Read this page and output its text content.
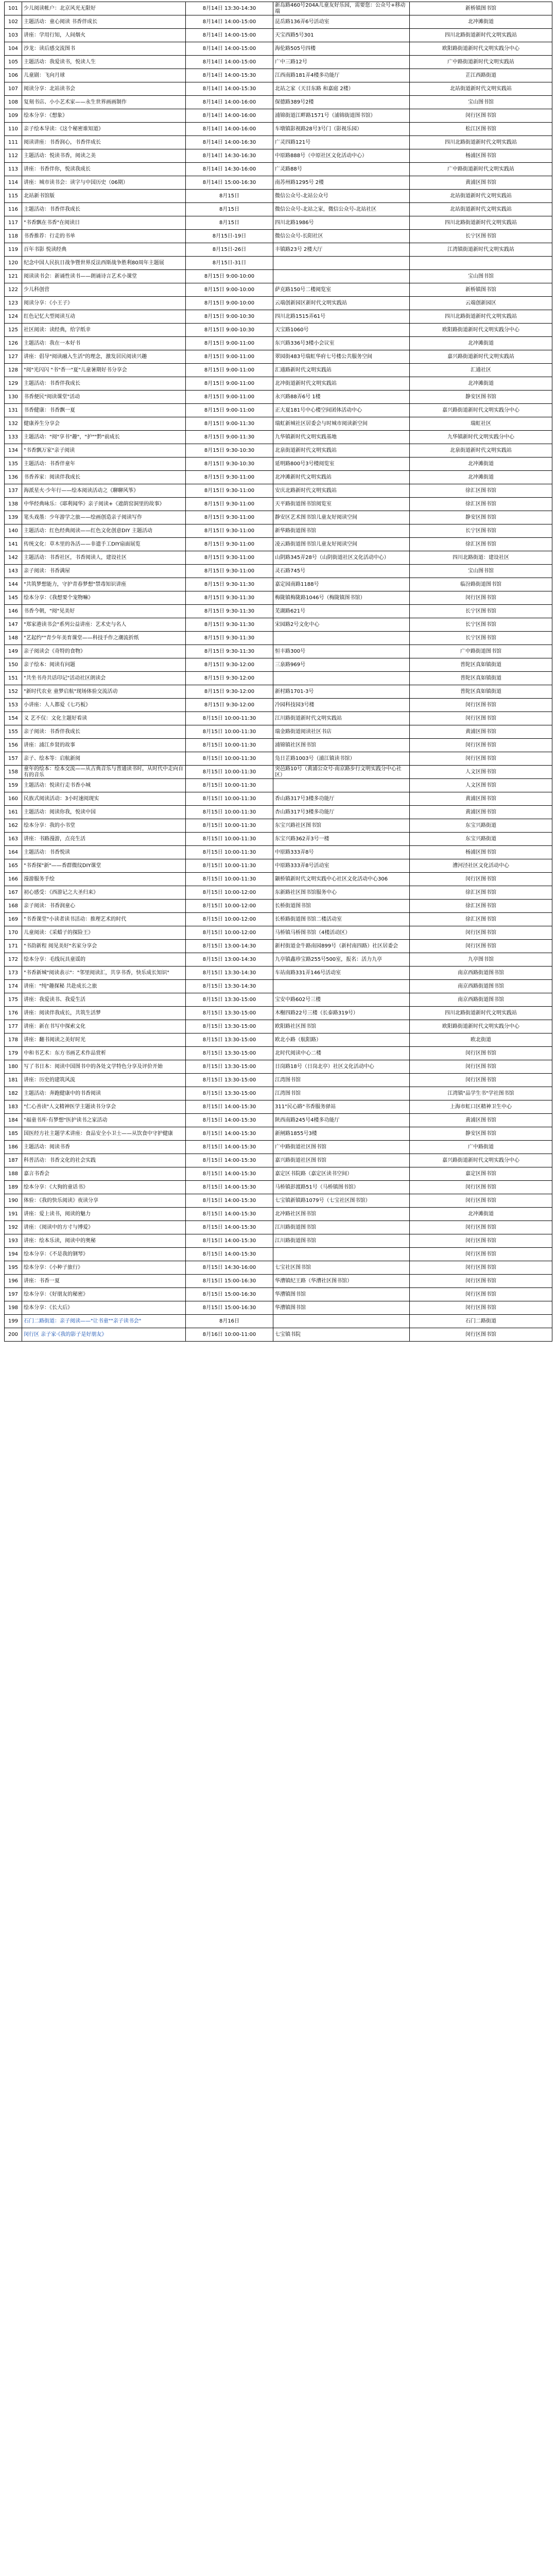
101	少儿阅读帐户：北京风光无限好	8月14日 13:30-14:30	新岛路460号204A儿童友好乐园，需要您：公众号+移动端	新桥镇图书馆
102	主题活动：童心阅读 书香伴成长	8月14日 14:00-15:00	昆岳路136弄6号活动室	北冲滩街道
103	讲座：学用行知，人间烟火	8月14日 14:00-15:00	天宝西路5号301	四川北路街道新时代文明实践站
104	沙龙：读后感交流图书	8月14日 14:00-15:00	海伦路505号四楼	欧阳路街道新时代文明实践分中心
105	主题活动：我爱读书，悦读人生	8月14日 14:00-15:00	广中三路12号	广中路街道新时代文明实践站
106	儿童剧：飞向月球	8月14日 14:00-15:30	江西南路181弄4楼多功能厅	芷江西路街道
107	阅读分享：北站读书会	8月14日 14:00-15:30	北站之家（天目东路 和嘉庭 2楼）	北站街道新时代文明实践站
108	复刻书店、小小艺术家——永生世界画画制作	8月14日 14:00-16:00	保德路389号2楼	宝山图书馆
109	绘本分享：《想象》	8月14日 14:00-16:00	浦锦街道江畔路1571号（浦锦街道图书馆）	闵行区图书馆
110	亲子绘本导读：《这个秘密谁知道》	8月14日 14:00-16:00	车墩镇影视路28号3号门（影视乐园）	松江区图书馆
111	阅读讲座：书香润心，书香伴成长	8月14日 14:00-16:30	广灵四路121号	四川北路街道新时代文明实践站
112	主题活动：悦读书香，阅读之美	8月14日 14:30-16:30	中原路888号（中原社区文化活动中心）	杨浦区图书馆
113	讲座：书香伴你，悦读我成长	8月14日 14:30-16:00	广灵路88号	广中路街道新时代文明实践站
114	讲座：城市读书会：读字与中国历史（06期）	8月14日 15:00-16:30	南苏州路1295号 2楼	黄浦区图书馆
115	北站新书馆版	8月15日	微信公众号-北站公众号	北站街道新时代文明实践站
116	主题活动：书香伴我成长	8月15日	微信公众号-北站之家，微信公众号-北站社区	北站街道新时代文明实践站
117	"书香飘在书香"在阅读日	8月15日	四川北路1986号	四川北路街道新时代文明实践站
118	书香推荐：行走的书单	8月15日-19日	微信公众号-长阳社区	长宁区图书馆
119	百年书影 悦读经典	8月15日-26日	丰镇路23号 2楼大厅	江湾镇街道新时代文明实践站
120	纪念中国人民抗日战争暨世界反法西斯战争胜利80周年主题展	8月15日-31日		
121	阅读读书会：新诵性读书——朗诵诗言艺术小课堂	8月15日 9:00-10:00		宝山图书馆
122	少儿科创营	8月15日 9:00-10:00	萨克路150号二楼阅览室	新桥镇图书馆
123	阅读分享：《小王子》	8月15日 9:00-10:00	云端创新园区新时代文明实践站	云端创新园区
124	红色记忆大型阅读互动	8月15日 9:00-10:30	四川北路1515弄61号	四川北路街道新时代文明实践站
125	社区阅读：读经典，给字纸幸	8月15日 9:00-10:30	天宝路1060号	欧阳路街道新时代文明实践分中心
126	主题活动：我在一本好书	8月15日 9:00-11:00	东兴路336号3楼小会议室	北冲滩街道
127	讲座：倡导"阅读融入生活"的理念，激发居民阅读兴趣	8月15日 9:00-11:00	翠园街483号瑞虹华府七号楼公共服务空间	嘉兴路街道新时代文明实践站
128	"阅"光闪闪 "书"香一"夏"儿童暑期好书分享会	8月15日 9:00-11:00	汇通路新时代文明实践站	汇通社区
129	主题活动：书香伴我成长	8月15日 9:00-11:00	北冲街道新时代文明实践站	北冲滩街道
130	书香便民"阅读课堂"活动	8月15日 9:00-11:00	永兴路88弄6号 1楼	静安区图书馆
131	书香健康：书香飘一夏	8月15日 9:00-11:00	正大夏181号中心楼空间团体活动中心	嘉兴路街道新时代文明实践分中心
132	健康养生分享会	8月15日 9:00-11:30	瑞虹新城社区居委会与时城市阅读新空间	瑞虹社区
133	主题活动："阅"享书"趣"，"护""黔"前成长	8月15日 9:00-11:30	九华镇新时代文明实践基地	九华镇新时代文明实践分中心
134	"书香飘万家"亲子阅读	8月15日 9:30-10:30	北泉街道新时代文明实践站	北泉街道新时代文明实践站
135	主题活动：书香伴童年	8月15日 9:30-10:30	延明路800号3号楼阅览室	北冲滩街道
136	书香养家：阅读伴我成长	8月15日 9:30-11:00	北冲滩新时代文明实践站	北冲滩街道
137	海派星火·少年行——绘本阅读活动之《聊聊风筝》	8月15日 9:30-11:00	安庆北路新时代文明实践站	徐汇区图书馆
138	中华经典咏乐：《耶利闻华》亲子阅读+《遮荫窑洞里的故事》	8月15日 9:30-11:00	天平路街道图书馆阅览室	徐汇区图书馆
139	笔头戏墨：少年游学之旅——绘画创造亲子阅读写作	8月15日 9:30-11:00	静安区艺术图书馆儿童友好阅读空间	静安区图书馆
140	主题活动：红色经典阅读——红色文化创意DIY 主题活动	8月15日 9:30-11:00	新华路街道图书馆	长宁区图书馆
141	传统文化：草木里的各活——非遗手工DIY扇面展览	8月15日 9:30-11:00	凌云路街道图书馆儿童友好阅读空间	徐汇区图书馆
142	主题活动：书香社区，书香阅读人，建设社区	8月15日 9:30-11:00	山阴路345弄28号（山阴街道社区文化活动中心）	四川北路街道：建设社区
143	亲子阅读：书香满屋	8月15日 9:30-11:00	灵石路745号	宝山图书馆
144	"共筑梦想能力，守护青春梦想"禁毒知识讲座	8月15日 9:30-11:30	嘉定园南路1188号	临汾路街道图书馆
145	绘本分享：《我想要个宠物嘛》	8月15日 9:30-11:30	梅陇镇梅陇路1046号（梅陇镇图书馆）	闵行区图书馆
146	书香今朝，"阅"见美好	8月15日 9:30-11:30	芜湖路621号	长宁区图书馆
147	"郑家港读书会"系列公益讲座：艺术史与名人	8月15日 9:30-11:30	宋园路2号文化中心	长宁区图书馆
148	"艺起约""青少年美育课堂——科技手作之潮流折纸	8月15日 9:30-11:30		长宁区图书馆
149	亲子阅读会《奇特的食物》	8月15日 9:30-11:30	恒丰路300号	广中路街道图书馆
150	亲子绘本：阅读有问题	8月15日 9:30-12:00	三泉路969号	普陀区真如镇街道
151	"共坐书舟共话印记"活动社区朗读会	8月15日 9:30-12:00		普陀区真如镇街道
152	"新时代农业 童梦启航"现场体验交流活动	8月15日 9:30-12:00	新村路1701-3号	普陀区真如镇街道
153	小讲座：人人都爱《七巧板》	8月15日 9:30-12:00	冷园科技园3号楼	闵行区图书馆
154	义 艺不仅：文化主题好看读	8月15日 10:00-11:30	江川路街道新时代文明实践站	闵行区图书馆
155	亲子阅读：书香伴我成长	8月15日 10:00-11:30	瑞金路街道阅读社区书店	黄浦区图书馆
156	讲座：浦江乡贤的故事	8月15日 10:00-11:30	浦锦镇社区图书馆	闵行区图书馆
157	亲子、绘本等：启航新阅	8月15日 10:00-11:30	凫日芷路1003号（浦江镇读书馆）	闵行区图书馆
158	童年的绘本：绘本交流——从古典音乐与普通读书时，从时代中走向自有的音乐	8月15日 10:00-11:30	突邑路10号（黄浦公众号·南京路步行文明实践分中心社区）	人文区图书馆
159	主题活动：悦读行走书香小城	8月15日 10:00-11:30		人文区图书馆
160	民族式阅读活动：3小时速阅现实	8月15日 10:00-11:30	香山路317号3楼多功能厅	黄浦区图书馆
161	主题活动：阅读你我，悦读中国	8月15日 10:00-11:30	杏山路317号3楼多功能厅	黄浦区图书馆
162	绘本分享：我的小书堂	8月15日 10:00-11:30	东宝兴路社区图书馆	东宝兴路街道
163	讲座：书路漫游，点亮生活	8月15日 10:00-11:30	东宝兴路362弄3号一楼	东宝兴路街道
164	主题活动：书香悦读	8月15日 10:00-11:30	中原路333弄8号	杨浦区图书馆
165	"书香探"新"——香群微纹DIY课堂	8月15日 10:00-11:30	中原路333弄8号活动室	漕河泾社区文化活动中心
166	漫游服务手绘	8月15日 10:00-11:30	颛桥镇新时代文明实践中心社区文化活动中心306	闵行区图书馆
167	初心感受：《西游记之大圣归来》	8月15日 10:00-12:00	东新路社区图书馆服务中心	徐汇区图书馆
168	亲子阅读：书香润童心	8月15日 10:00-12:00	长桥街道图书馆	徐汇区图书馆
169	"书香课堂"小读者读书活动：推理艺术的时代	8月15日 10:00-12:00	长桥路街道图书馆二楼活动室	徐汇区图书馆
170	儿童阅读：《采蜡子的探险王》	8月15日 10:00-12:00	马桥镇马桥图书馆（4楼活动区）	闵行区图书馆
171	"书韵新程 阅见美好"名家分享会	8月15日 13:00-14:30	新村街道金牛路南园899号（新村南四路）社区居委会	闵行区图书馆
172	绘本分享：毛线玩具童谣的	8月15日 13:00-14:30	九亭镇鑫珍宝路255号500室，报名：活力九亭	九亭图书馆
173	"书香新城"阅读表示"："邻里阅读汇，共享书香，快乐成长知识"	8月15日 13:30-14:30	车站南路331弄146号活动室	南京西路街道图书馆
174	讲座："纯"趣探秘 共赴成长之旅	8月15日 13:30-14:30		南京西路街道图书馆
175	讲座：我爱读书、我爱生活	8月15日 13:30-15:00	宝安中路602号三楼	南京西路街道图书馆
176	讲座：阅读伴我成长，共筑生活梦	8月15日 13:30-15:00	木榭四路22号三楼（长泰路319号）	四川北路街道新时代文明实践站
177	讲座：新在书写中探索文化	8月15日 13:30-15:00	欧阳路社区图书馆	欧阳路街道新时代文明实践分中心
178	讲座：翻书阅读之美好时光	8月15日 13:30-15:00	欧北小路（航阳路）	欧北街道
179	中和书艺术：东方书画艺术作品赏析	8月15日 13:30-15:00	北时代阅读中心二楼	闵行区图书馆
180	写了书日本：阅读中国图书中的各处文学特色分享及评价开始	8月15日 13:30-15:00	日岗路18号（日岗北亭）社区文化活动中心	闵行区图书馆
181	讲座：历史的建筑风流	8月15日 13:30-15:00	江湾图书馆	闵行区图书馆
182	主题活动：奔跑健康中的书香阅读	8月15日 13:30-15:00	江湾图书馆	江湾镇"品学生书"学社图书馆
183	"仁心善读"人文精神医学主题读书分享会	8月15日 14:00-15:30	311"民心路"书香服务驿站	上海市虹口区精神卫生中心
184	"福童书库·有梦想"医护读书之家活动	8月15日 14:00-15:30	陕西南路245号4楼多功能厅	黄浦区图书馆
185	国医经方社主题学术讲座：食品安全小卫士——从饮食中守护健康	8月15日 14:00-15:30	新闸路1855号3楼	静安区图书馆
186	主题活动：阅读书香	8月15日 14:00-15:30	广中路街道社区图书馆	广中路街道
187	科普活动：书香文化的社会实践	8月15日 14:00-15:30	嘉兴路街道社区图书馆	嘉兴路街道新时代文明实践分中心
188	嘉言书香会	8月15日 14:00-15:30	嘉定区书院路（嘉定区读书空间）	嘉定区图书馆
189	绘本分享：《大狗的童话书》	8月15日 14:00-15:30	马桥镇彭渡路51号（马桥镇图书馆）	闵行区图书馆
190	体验：《我的快乐阅读》夜读分享	8月15日 14:00-15:30	七宝镇新镇路1079号（七宝社区图书馆）	闵行区图书馆
191	讲座：爱上读书，阅读的魅力	8月15日 14:00-15:30	北冲路社区图书馆	北冲滩街道
192	讲座：《阅读中的方寸与博爱》	8月15日 14:00-15:30	江川路街道图书馆	闵行区图书馆
193	讲座：绘本乐读，阅读中的奥秘	8月15日 14:00-15:30	江川路街道图书馆	闵行区图书馆
194	绘本分享：《不是我的钢琴》	8月15日 14:00-15:30		闵行区图书馆
195	绘本分享：《小种子旅行》	8月15日 14:30-16:00	七宝社区图书馆	闵行区图书馆
196	讲座：书香一夏	8月15日 15:00-16:30	华漕镇纪王路（华漕社区图书馆）	闵行区图书馆
197	绘本分享：《好朋友的秘密》	8月15日 15:00-16:30	华漕镇图书馆	闵行区图书馆
198	绘本分享：《长大后》	8月15日 15:00-16:30	华漕镇图书馆	闵行区图书馆
199	石门二路街道：亲子阅读——"让书童""亲子读书会"	8月16日		石门二路街道
200	闵行区 亲子家·《我的影子是好朋友》	8月16日 10:00-11:00	七宝镇书院	闵行区图书馆
